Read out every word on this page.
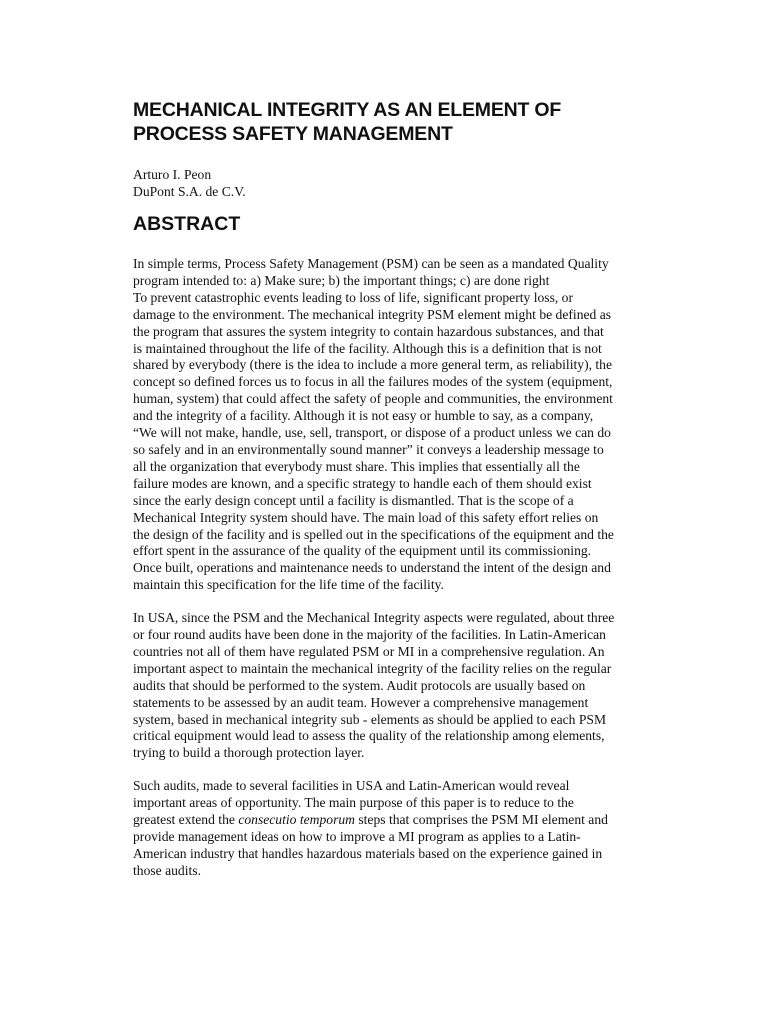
MECHANICAL INTEGRITY AS AN ELEMENT OF
PROCESS SAFETY MANAGEMENT
Arturo I. Peon
DuPont S.A. de C.V.
ABSTRACT

In simple terms, Process Safety Management (PSM) can be seen as a mandated Quality
program intended to: a) Make sure; b) the important things; c) are done right
To prevent catastrophic events leading to loss of life, significant property loss, or
damage to the environment. The mechanical integrity PSM element might be defined as
the program that assures the system integrity to contain hazardous substances, and that
is maintained throughout the life of the facility. Although this is a definition that is not
shared by everybody (there is the idea to include a more general term, as reliability), the
concept so defined forces us to focus in all the failures modes of the system (equipment,
human, system) that could affect the safety of people and communities, the environment
and the integrity of a facility. Although it is not easy or humble to say, as a company,
“We will not make, handle, use, sell, transport, or dispose of a product unless we can do
so safely and in an environmentally sound manner” it conveys a leadership message to
all the organization that everybody must share. This implies that essentially all the
failure modes are known, and a specific strategy to handle each of them should exist
since the early design concept until a facility is dismantled. That is the scope of a
Mechanical Integrity system should have. The main load of this safety effort relies on
the design of the facility and is spelled out in the specifications of the equipment and the
effort spent in the assurance of the quality of the equipment until its commissioning.
Once built, operations and maintenance needs to understand the intent of the design and
maintain this specification for the life time of the facility.

In USA, since the PSM and the Mechanical Integrity aspects were regulated, about three
or four round audits have been done in the majority of the facilities. In Latin-American
countries not all of them have regulated PSM or MI in a comprehensive regulation. An
important aspect to maintain the mechanical integrity of the facility relies on the regular
audits that should be performed to the system. Audit protocols are usually based on
statements to be assessed by an audit team. However a comprehensive management
system, based in mechanical integrity sub - elements as should be applied to each PSM
critical equipment would lead to assess the quality of the relationship among elements,
trying to build a thorough protection layer.

Such audits, made to several facilities in USA and Latin-American would reveal
important areas of opportunity. The main purpose of this paper is to reduce to the
greatest extend the consecutio temporum steps that comprises the PSM MI element and
provide management ideas on how to improve a MI program as applies to a Latin-
American industry that handles hazardous materials based on the experience gained in
those audits.
